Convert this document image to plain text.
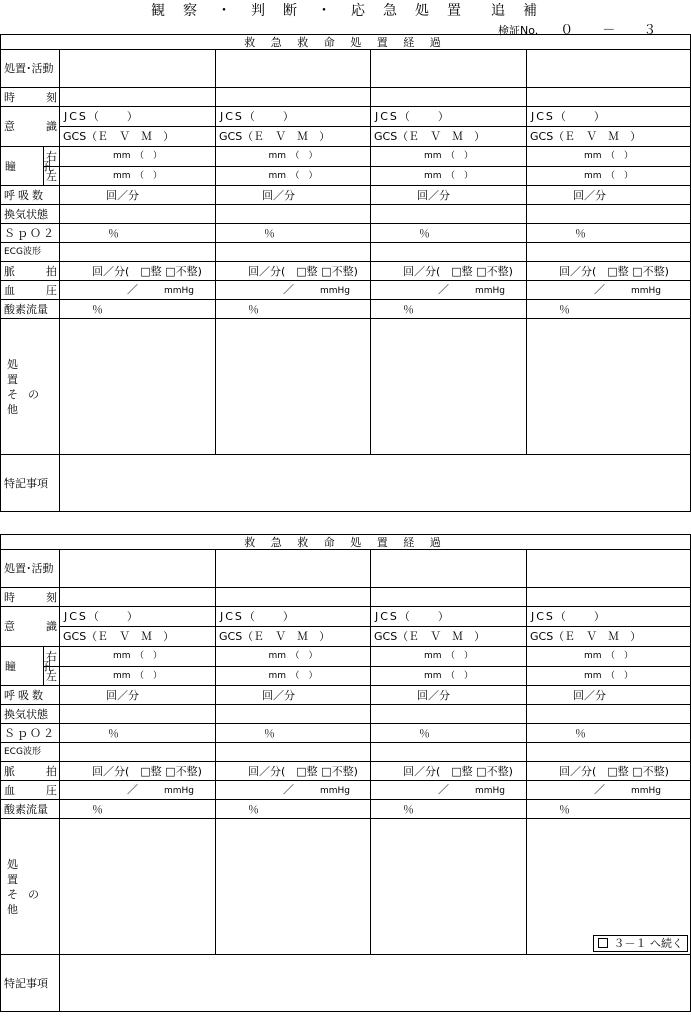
観　察 ・ 判　断 ・ 応　急　処　置 追　補
検証No. ０ － ３
救 急 救 命 処 置 経 過					
処置･活動					
時　刻					
意　識		JCS（　　）	JCS（　　）	JCS（　　）	JCS（　　）
		GCS（Ｅ　Ｖ　Ｍ　）	GCS（Ｅ　Ｖ　Ｍ　）	GCS（Ｅ　Ｖ　Ｍ　）	GCS（Ｅ　Ｖ　Ｍ　）
瞳　孔	右	mm　（　）	mm　（　）	mm　（　）	mm　（　）
	左	mm　（　）	mm　（　）	mm　（　）	mm　（　）
呼吸数		回／分	回／分	回／分	回／分
換気状態					
ＳｐＯ２		％	％	％	％
ECG波形					
脈　拍		回／分(　□整 □不整)	回／分(　□整 □不整)	回／分(　□整 □不整)	回／分(　□整 □不整)
血　圧		／ mmHg	／ mmHg	／ mmHg	／ mmHg
酸素流量		％	％	％	％

処置
その他					

特記事項					
救 急 救 命 処 置 経 過					
処置･活動					
時　刻					
意　識		JCS（　　）	JCS（　　）	JCS（　　）	JCS（　　）
		GCS（Ｅ　Ｖ　Ｍ　）	GCS（Ｅ　Ｖ　Ｍ　）	GCS（Ｅ　Ｖ　Ｍ　）	GCS（Ｅ　Ｖ　Ｍ　）
瞳　孔	右	mm　（　）	mm　（　）	mm　（　）	mm　（　）
	左	mm　（　）	mm　（　）	mm　（　）	mm　（　）
呼吸数		回／分	回／分	回／分	回／分
換気状態					
ＳｐＯ２		％	％	％	％
ECG波形					
脈　拍		回／分(　□整 □不整)	回／分(　□整 □不整)	回／分(　□整 □不整)	回／分(　□整 □不整)
血　圧		／ mmHg	／ mmHg	／ mmHg	／ mmHg
酸素流量		％	％	％	％

処置
その他					３－１ へ続く

特記事項					
